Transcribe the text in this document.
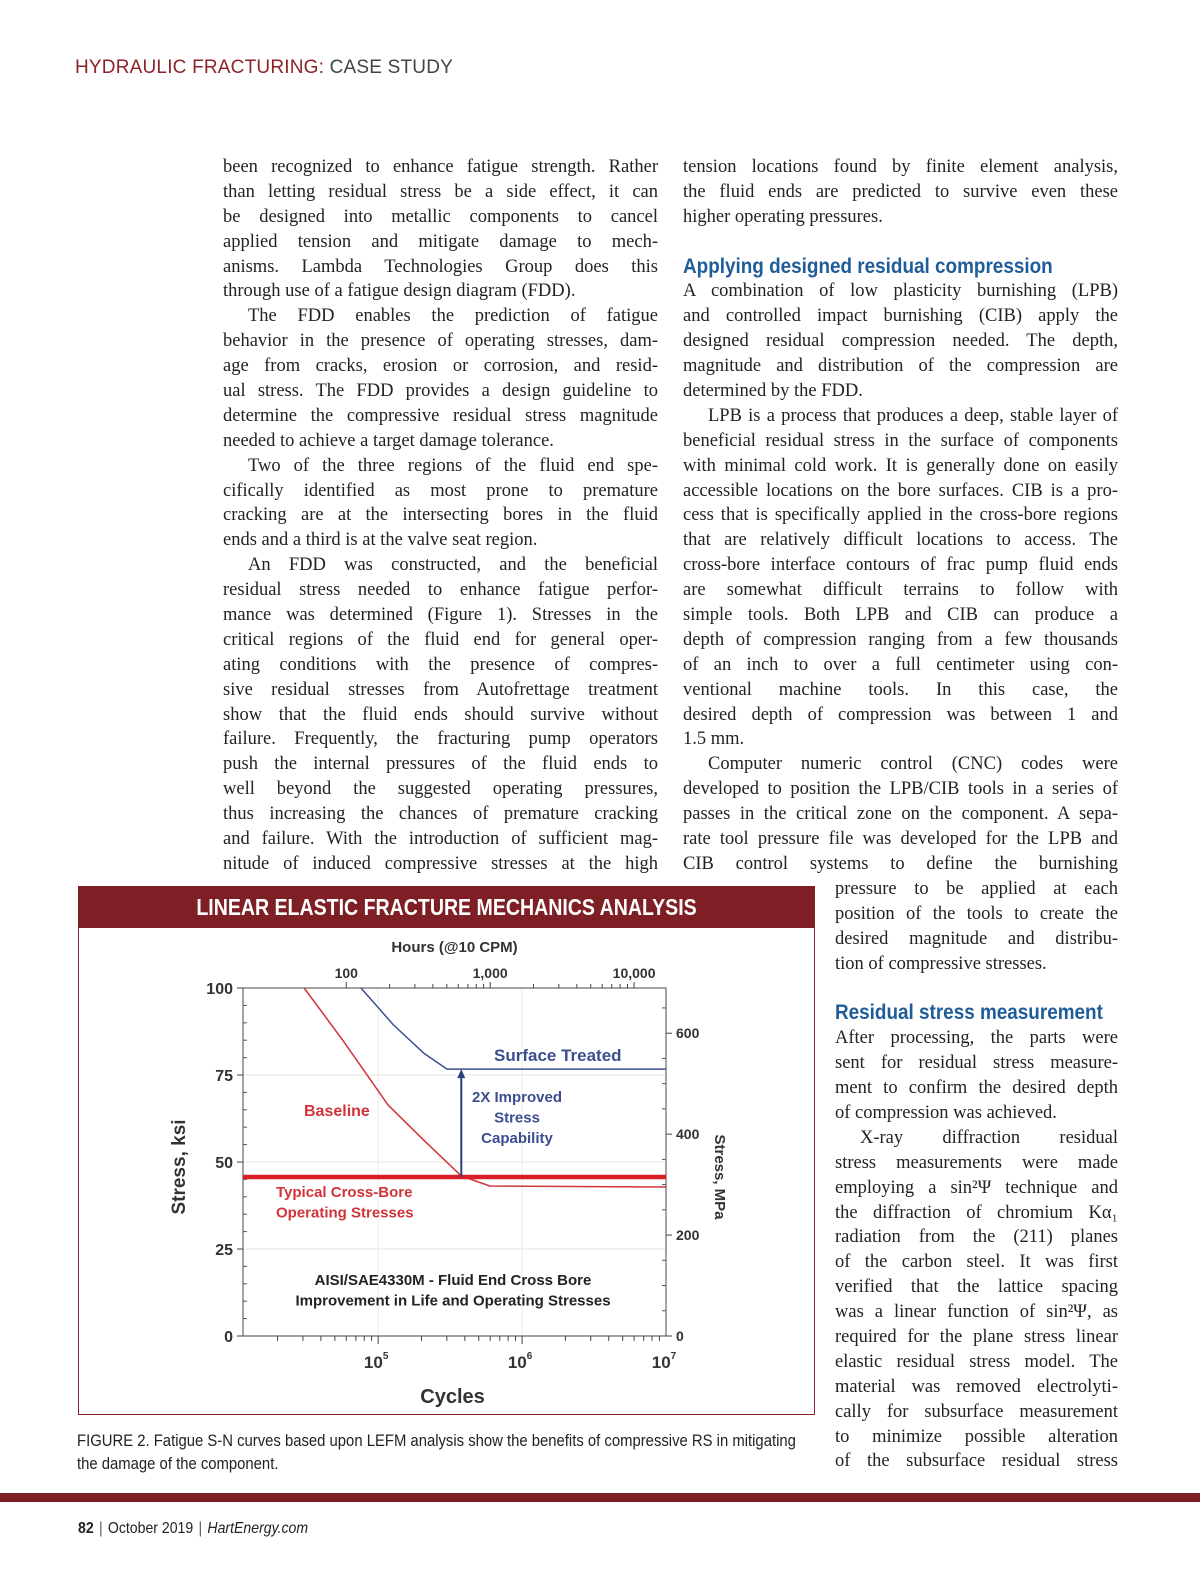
HYDRAULIC FRACTURING: CASE STUDY
been recognized to enhance fatigue strength. Rather
than letting residual stress be a side effect, it can
be designed into metallic components to cancel
applied tension and mitigate damage to mech-
anisms. Lambda Technologies Group does this
through use of a fatigue design diagram (FDD).
The FDD enables the prediction of fatigue
behavior in the presence of operating stresses, dam-
age from cracks, erosion or corrosion, and resid-
ual stress. The FDD provides a design guideline to
determine the compressive residual stress magnitude
needed to achieve a target damage tolerance.
Two of the three regions of the fluid end spe-
cifically identified as most prone to premature
cracking are at the intersecting bores in the fluid
ends and a third is at the valve seat region.
An FDD was constructed, and the beneficial
residual stress needed to enhance fatigue perfor-
mance was determined (Figure 1). Stresses in the
critical regions of the fluid end for general oper-
ating conditions with the presence of compres-
sive residual stresses from Autofrettage treatment
show that the fluid ends should survive without
failure. Frequently, the fracturing pump operators
push the internal pressures of the fluid ends to
well beyond the suggested operating pressures,
thus increasing the chances of premature cracking
and failure. With the introduction of sufficient mag-
nitude of induced compressive stresses at the high
tension locations found by finite element analysis,
the fluid ends are predicted to survive even these
higher operating pressures.
Applying designed residual compression
A combination of low plasticity burnishing (LPB)
and controlled impact burnishing (CIB) apply the
designed residual compression needed. The depth,
magnitude and distribution of the compression are
determined by the FDD.
LPB is a process that produces a deep, stable layer of
beneficial residual stress in the surface of components
with minimal cold work. It is generally done on easily
accessible locations on the bore surfaces. CIB is a pro-
cess that is specifically applied in the cross-bore regions
that are relatively difficult locations to access. The
cross-bore interface contours of frac pump fluid ends
are somewhat difficult terrains to follow with
simple tools. Both LPB and CIB can produce a
depth of compression ranging from a few thousands
of an inch to over a full centimeter using con-
ventional machine tools. In this case, the
desired depth of compression was between 1 and
1.5 mm.
Computer numeric control (CNC) codes were
developed to position the LPB/CIB tools in a series of
passes in the critical zone on the component. A sepa-
rate tool pressure file was developed for the LPB and
CIB control systems to define the burnishing
pressure to be applied at each
position of the tools to create the
desired magnitude and distribu-
tion of compressive stresses.
Residual stress measurement
After processing, the parts were
sent for residual stress measure-
ment to confirm the desired depth
of compression was achieved.
X-ray diffraction residual
stress measurements were made
employing a sin²Ψ technique and
the diffraction of chromium Kα₁
radiation from the (211) planes
of the carbon steel. It was first
verified that the lattice spacing
was a linear function of sin²Ψ, as
required for the plane stress linear
elastic residual stress model. The
material was removed electrolyti-
cally for subsurface measurement
to minimize possible alteration
of the subsurface residual stress
LINEAR ELASTIC FRACTURE MECHANICS ANALYSIS
0
25
50
75
100
0
200
400
600
$10^5$	$10^6$	$10^7$
100	1,000	10,000
Hours (@10 CPM)
Cycles
Stress, ksi	Stress, MPa
Baseline
Surface Treated
2X Improved
Stress
Capability
Typical Cross-Bore
Operating Stresses
AISI/SAE4330M - Fluid End Cross Bore
Improvement in Life and Operating Stresses
FIGURE 2. Fatigue S-N curves based upon LEFM analysis show the benefits of compressive RS in mitigating the damage of the component.
82 | October 2019 | HartEnergy.com
